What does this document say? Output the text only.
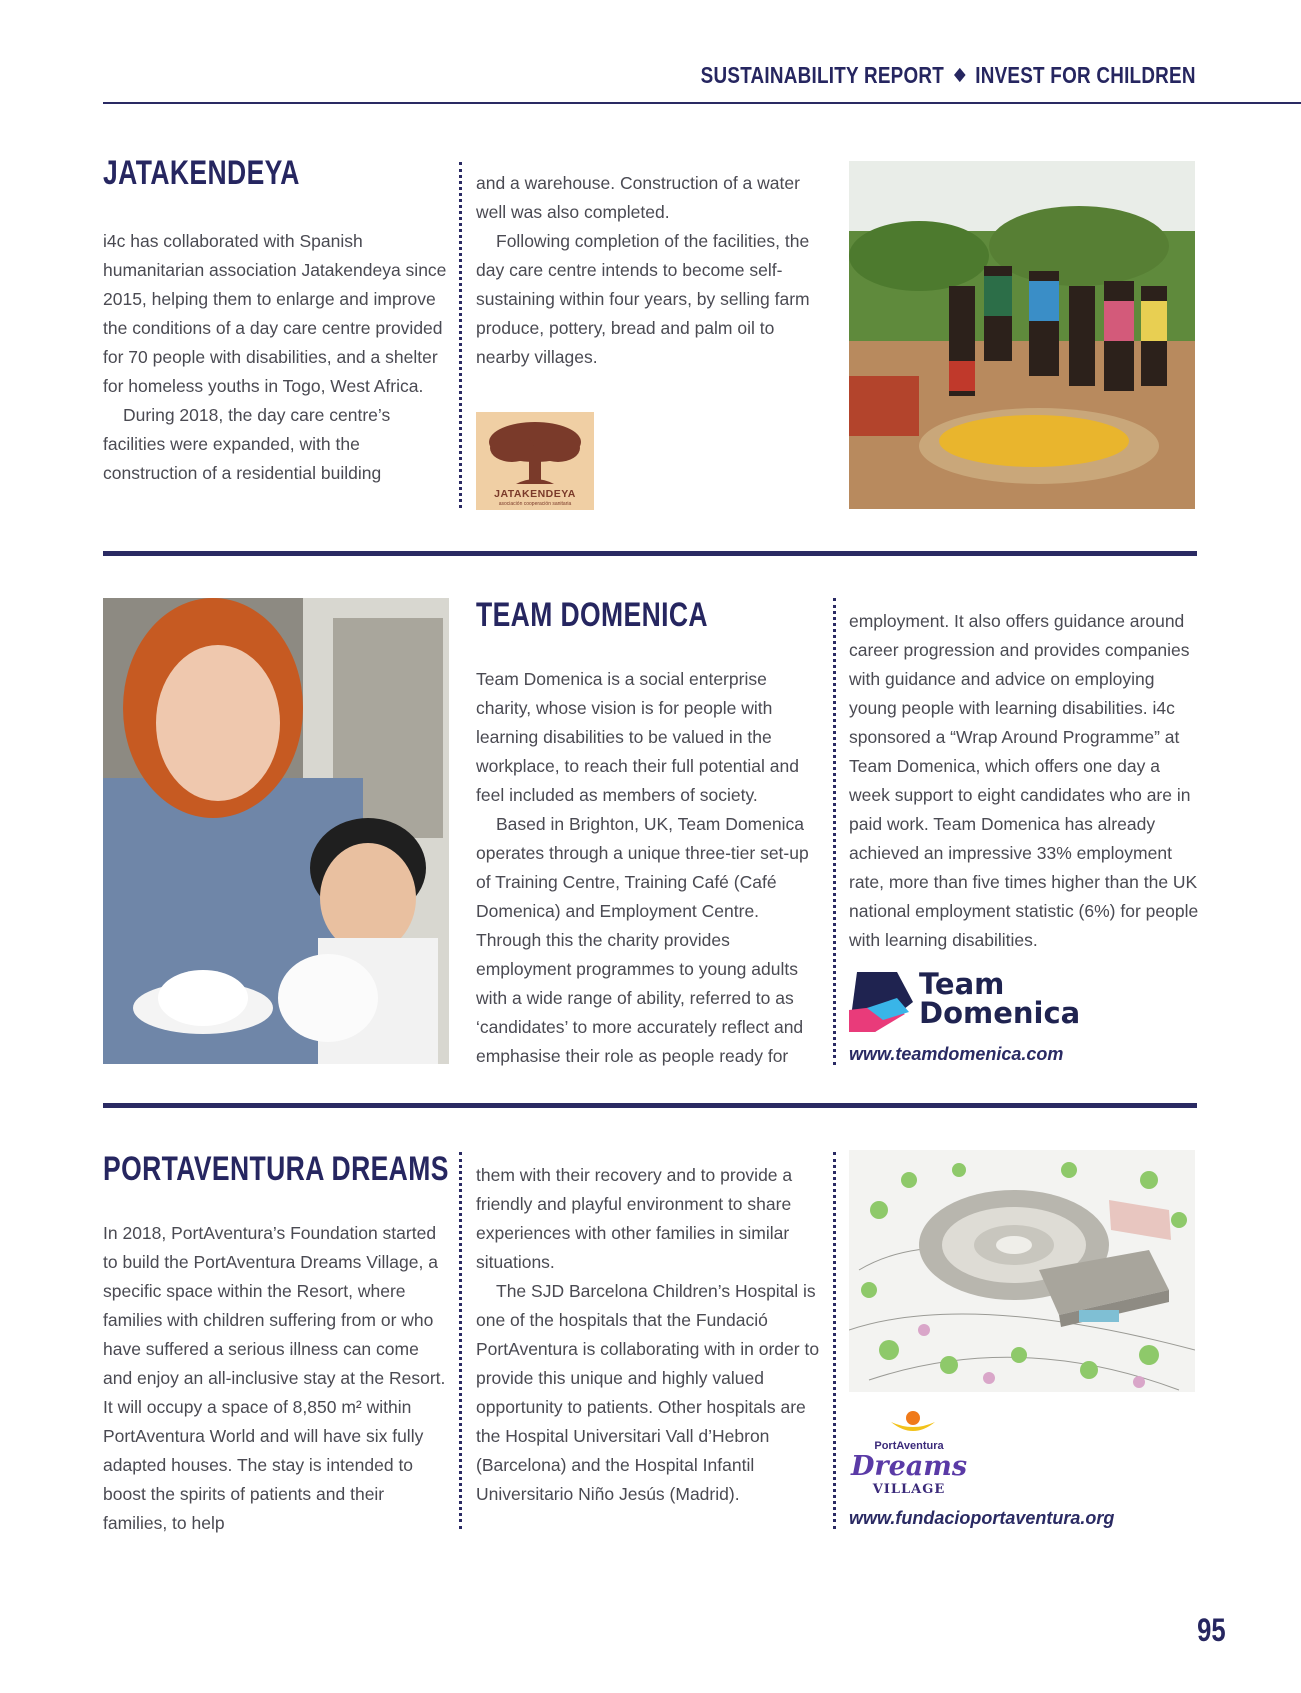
SUSTAINABILITY REPORT INVEST FOR CHILDREN
JATAKENDEYA

i4c has collaborated with Spanish humanitarian association Jatakendeya since 2015, helping them to enlarge and improve the conditions of a day care centre provided for 70 people with disabilities, and a shelter for homeless youths in Togo, West Africa.

During 2018, the day care centre’s facilities were expanded, with the construction of a residential building

and a warehouse. Construction of a water well was also completed.

Following completion of the facilities, the day care centre intends to become self-sustaining within four years, by selling farm produce, pottery, bread and palm oil to nearby villages.

JATAKENDEYA
asociación cooperación sanitaria
TEAM DOMENICA

Team Domenica is a social enterprise charity, whose vision is for people with learning disabilities to be valued in the workplace, to reach their full potential and feel included as members of society.

Based in Brighton, UK, Team Domenica operates through a unique three-tier set-up of Training Centre, Training Café (Café Domenica) and Employment Centre. Through this the charity provides employment programmes to young adults with a wide range of ability, referred to as ‘candidates’ to more accurately reflect and emphasise their role as people ready for

employment. It also offers guidance around career progression and provides companies with guidance and advice on employing young people with learning disabilities. i4c sponsored a “Wrap Around Programme” at Team Domenica, which offers one day a week support to eight candidates who are in paid work. Team Domenica has already achieved an impressive 33% employment rate, more than five times higher than the UK national employment statistic (6%) for people with learning disabilities.

Team
Domenica
www.teamdomenica.com
PORTAVENTURA DREAMS

In 2018, PortAventura’s Foundation started to build the PortAventura Dreams Village, a specific space within the Resort, where families with children suffering from or who have suffered a serious illness can come and enjoy an all-inclusive stay at the Resort. It will occupy a space of 8,850 m² within PortAventura World and will have six fully adapted houses. The stay is intended to boost the spirits of patients and their families, to help

them with their recovery and to provide a friendly and playful environment to share experiences with other families in similar situations.

The SJD Barcelona Children’s Hospital is one of the hospitals that the Fundació PortAventura is collaborating with in order to provide this unique and highly valued opportunity to patients. Other hospitals are the Hospital Universitari Vall d’Hebron (Barcelona) and the Hospital Infantil Universitario Niño Jesús (Madrid).

PortAventura
Dreams
VILLAGE
www.fundacioportaventura.org
95
